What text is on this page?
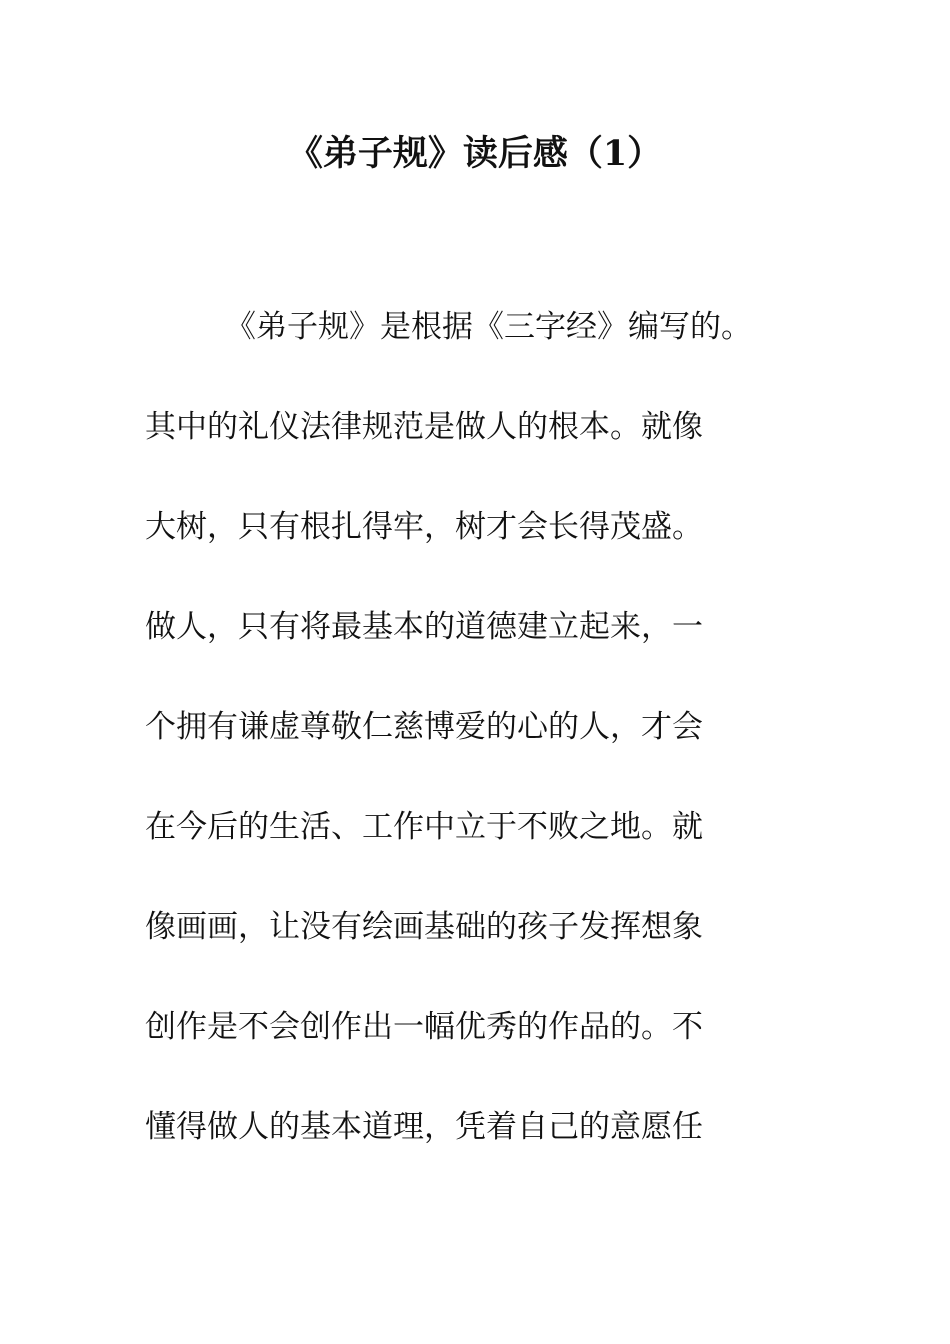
《弟子规》读后感（1）
《弟子规》是根据《三字经》编写的。
其中的礼仪法律规范是做人的根本。就像
大树，只有根扎得牢，树才会长得茂盛。
做人，只有将最基本的道德建立起来，一
个拥有谦虚尊敬仁慈博爱的心的人，才会
在今后的生活、工作中立于不败之地。就
像画画，让没有绘画基础的孩子发挥想象
创作是不会创作出一幅优秀的作品的。不
懂得做人的基本道理，凭着自己的意愿任
